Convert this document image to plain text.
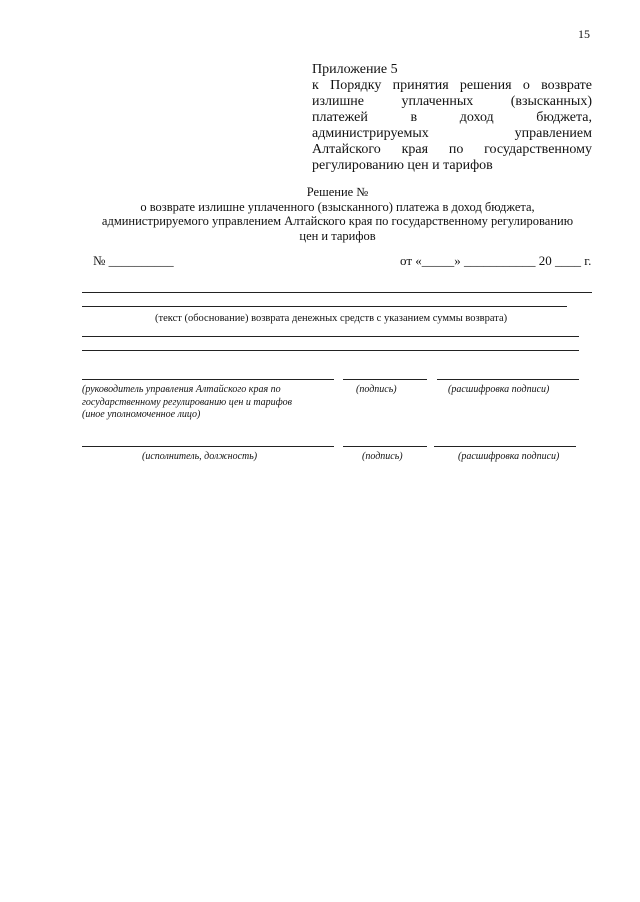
15
Приложение 5
к Порядку принятия решения о возврате
излишне уплаченных (взысканных)
платежей в доход бюджета,
администрируемых управлением
Алтайского края по государственному
регулированию цен и тарифов
Решение №
о возврате излишне уплаченного (взысканного) платежа в доход бюджета,
администрируемого управлением Алтайского края по государственному регулированию
цен и тарифов
№ __________	от «_____» ___________ 20 ____ г.
(текст (обоснование) возврата денежных средств с указанием суммы возврата)
(руководитель управления Алтайского края по
государственному регулированию цен и тарифов
(иное уполномоченное лицо)
(подпись)	(расшифровка подписи)
(исполнитель, должность)	(подпись)	(расшифровка подписи)
